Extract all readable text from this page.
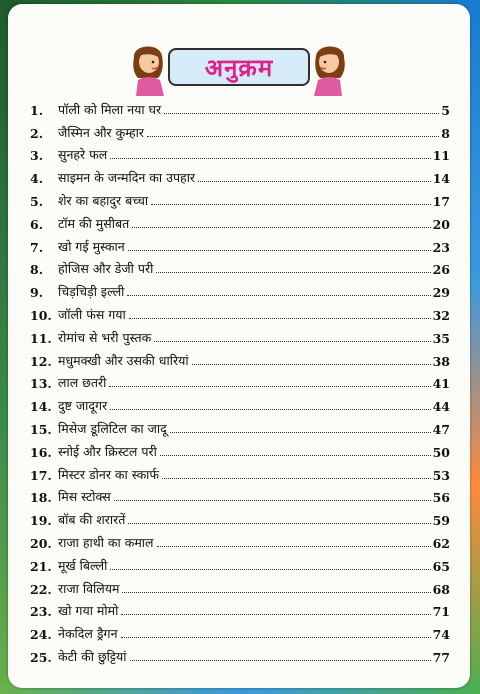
अनुक्रम
1.	पॉली को मिला नया घर	5
2.	जैस्मिन और कुम्हार	8
3.	सुनहरे फल	11
4.	साइमन के जन्मदिन का उपहार	14
5.	शेर का बहादुर बच्चा	17
6.	टॉम की मुसीबत	20
7.	खो गई मुस्कान	23
8.	होजिस और डेजी परी	26
9.	चिड़चिड़ी इल्ली	29
10. जॉली फंस गया	32
11. रोमांच से भरी पुस्तक	35
12. मधुमक्खी और उसकी धारियां	38
13. लाल छतरी	41
14. दुष्ट जादूगर	44
15. मिसेज डूलिटिल का जादू	47
16. स्नोई और क्रिस्टल परी	50
17. मिस्टर डोनर का स्कार्फ	53
18. मिस स्टोक्स	56
19. बॉब की शरारतें	59
20. राजा हाथी का कमाल	62
21. मूर्ख बिल्ली	65
22. राजा विलियम	68
23. खो गया मोमो	71
24. नेकदिल ड्रैगन	74
25. केटी की छुट्टियां	77
